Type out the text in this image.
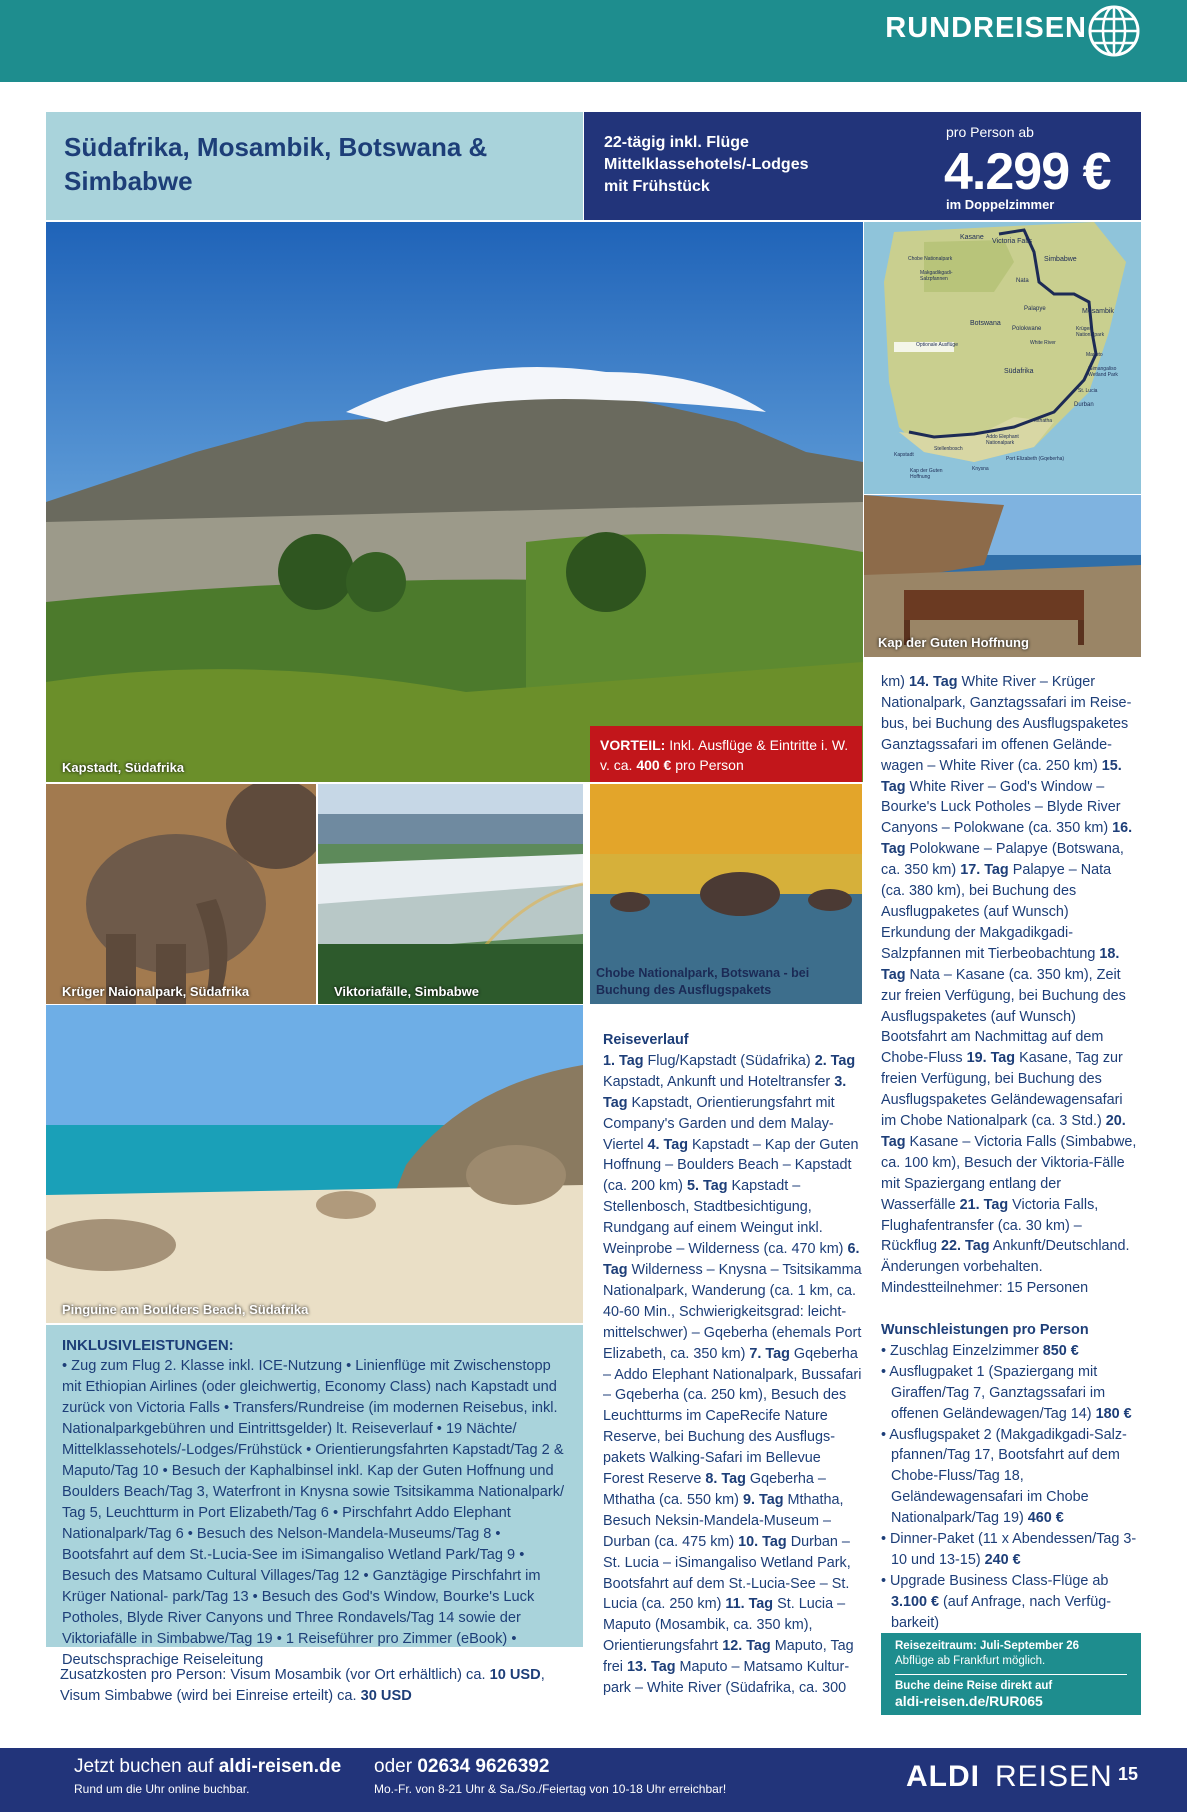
RUNDREISEN
Südafrika, Mosambik, Botswana & Simbabwe
22-tägig inkl. Flüge Mittelklassehotels/-Lodges mit Frühstück
pro Person ab
4.299 €
im Doppelzimmer
Kapstadt, Südafrika
Kasane
Victoria Falls
Chobe Nationalpark
Makgadikgadi-Salzpfannen	Nata
Simbabwe
Botswana
Palapye	Mosambik
Polokwane	Krüger Nationalpark
White River
Maputo
Südafrika	iSimangaliso Wetland Park
St. Lucia
Durban
Optionale Ausflüge
Mthatha
Addo Elephant Nationalpark
Kapstadt
Stellenbosch
Kap der Guten Hoffnung
Knysna
Port Elizabeth (Gqeberha)
Kap der Guten Hoffnung
Krüger Naionalpark, Südafrika	Viktoriafälle, Simbabwe
VORTEIL: Inkl. Ausflüge & Eintritte i. W. v. ca. 400 € pro Person
Chobe Nationalpark, Botswana - bei Buchung des Ausflugspakets
Pinguine am Boulders Beach, Südafrika
INKLUSIVLEISTUNGEN:
• Zug zum Flug 2. Klasse inkl. ICE-Nutzung • Linienflüge mit Zwischenstopp mit Ethiopian Airlines (oder gleichwertig, Economy Class) nach Kapstadt und zurück von Victoria Falls • Transfers/Rundreise (im modernen Reisebus, inkl. Nationalparkgebühren und Eintrittsgelder) lt. Reiseverlauf • 19 Nächte/ Mittelklassehotels/-Lodges/Frühstück • Orientierungsfahrten Kapstadt/Tag 2 & Maputo/Tag 10 • Besuch der Kaphalbinsel inkl. Kap der Guten Hoffnung und Boulders Beach/Tag 3, Waterfront in Knysna sowie Tsitsikamma Nationalpark/ Tag 5, Leuchtturm in Port Elizabeth/Tag 6 • Pirschfahrt Addo Elephant Nationalpark/Tag 6 • Besuch des Nelson-Mandela-Museums/Tag 8 • Bootsfahrt auf dem St.-Lucia-See im iSimangaliso Wetland Park/Tag 9 • Besuch des Matsamo Cultural Villages/Tag 12 • Ganztägige Pirschfahrt im Krüger National- park/Tag 13 • Besuch des God's Window, Bourke's Luck Potholes, Blyde River Canyons und Three Rondavels/Tag 14 sowie der Viktoriafälle in Simbabwe/Tag 19 • 1 Reiseführer pro Zimmer (eBook) • Deutschsprachige Reiseleitung
Zusatzkosten pro Person: Visum Mosambik (vor Ort erhältlich) ca. 10 USD, Visum Simbabwe (wird bei Einreise erteilt) ca. 30 USD
Reiseverlauf
1. Tag Flug/Kapstadt (Südafrika) 2. Tag Kapstadt, Ankunft und Hoteltransfer 3. Tag Kapstadt, Orientierungsfahrt mit Company's Garden und dem Malay-Viertel 4. Tag Kapstadt – Kap der Guten Hoffnung – Boulders Beach – Kapstadt (ca. 200 km) 5. Tag Kapstadt – Stellenbosch, Stadtbesichtigung, Rundgang auf einem Weingut inkl. Weinprobe – Wilderness (ca. 470 km) 6. Tag Wilderness – Knysna – Tsitsikamma Nationalpark, Wanderung (ca. 1 km, ca. 40-60 Min., Schwierigkeitsgrad: leicht-mittelschwer) – Gqeberha (ehemals Port Elizabeth, ca. 350 km) 7. Tag Gqeberha – Addo Elephant Nationalpark, Bussafari – Gqeberha (ca. 250 km), Besuch des Leuchtturms im CapeRecife Nature Reserve, bei Buchung des Ausflugspakets Walking-Safari im Bellevue Forest Reserve 8. Tag Gqeberha – Mthatha (ca. 550 km) 9. Tag Mthatha, Besuch Neksin-Mandela-Museum – Durban (ca. 475 km) 10. Tag Durban – St. Lucia – iSimangaliso Wetland Park, Bootsfahrt auf dem St.-Lucia-See – St. Lucia (ca. 250 km) 11. Tag St. Lucia – Maputo (Mosambik, ca. 350 km), Orientierungsfahrt 12. Tag Maputo, Tag frei 13. Tag Maputo – Matsamo Kulturpark – White River (Südafrika, ca. 300
km) 14. Tag White River – Krüger Nationalpark, Ganztagssafari im Reisebus, bei Buchung des Ausflugspaketes Ganztagssafari im offenen Geländewagen – White River (ca. 250 km) 15. Tag White River – God's Window – Bourke's Luck Potholes – Blyde River Canyons – Polokwane (ca. 350 km) 16. Tag Polokwane – Palapye (Botswana, ca. 350 km) 17. Tag Palapye – Nata (ca. 380 km), bei Buchung des Ausflugpaketes (auf Wunsch) Erkundung der Makgadikgadi-Salzpfannen mit Tierbeobachtung 18. Tag Nata – Kasane (ca. 350 km), Zeit zur freien Verfügung, bei Buchung des Ausflugspaketes (auf Wunsch) Bootsfahrt am Nachmittag auf dem Chobe-Fluss 19. Tag Kasane, Tag zur freien Verfügung, bei Buchung des Ausflugspaketes Geländewagensafari im Chobe Nationalpark (ca. 3 Std.) 20. Tag Kasane – Victoria Falls (Simbabwe, ca. 100 km), Besuch der Viktoria-Fälle mit Spaziergang entlang der Wasserfälle 21. Tag Victoria Falls, Flughafentransfer (ca. 30 km) – Rückflug 22. Tag Ankunft/Deutschland.
Änderungen vorbehalten.
Mindestteilnehmer: 15 Personen
Wunschleistungen pro Person
• Zuschlag Einzelzimmer 850 €
• Ausflugpaket 1 (Spaziergang mit Giraffen/Tag 7, Ganztagssafari im offenen Geländewagen/Tag 14) 180 €
• Ausflugspaket 2 (Makgadikgadi-Salzpfannen/Tag 17, Bootsfahrt auf dem Chobe-Fluss/Tag 18, Geländewagensafari im Chobe Nationalpark/Tag 19) 460 €
• Dinner-Paket (11 x Abendessen/Tag 3-10 und 13-15) 240 €
• Upgrade Business Class-Flüge ab 3.100 € (auf Anfrage, nach Verfügbarkeit)
Reisezeitraum: Juli-September 26
Abflüge ab Frankfurt möglich.
Buche deine Reise direkt auf
aldi-reisen.de/RUR065
Jetzt buchen auf aldi-reisen.de
Rund um die Uhr online buchbar.
oder 02634 9626392
Mo.-Fr. von 8-21 Uhr & Sa./So./Feiertag von 10-18 Uhr erreichbar!	ALDI REISEN 15
